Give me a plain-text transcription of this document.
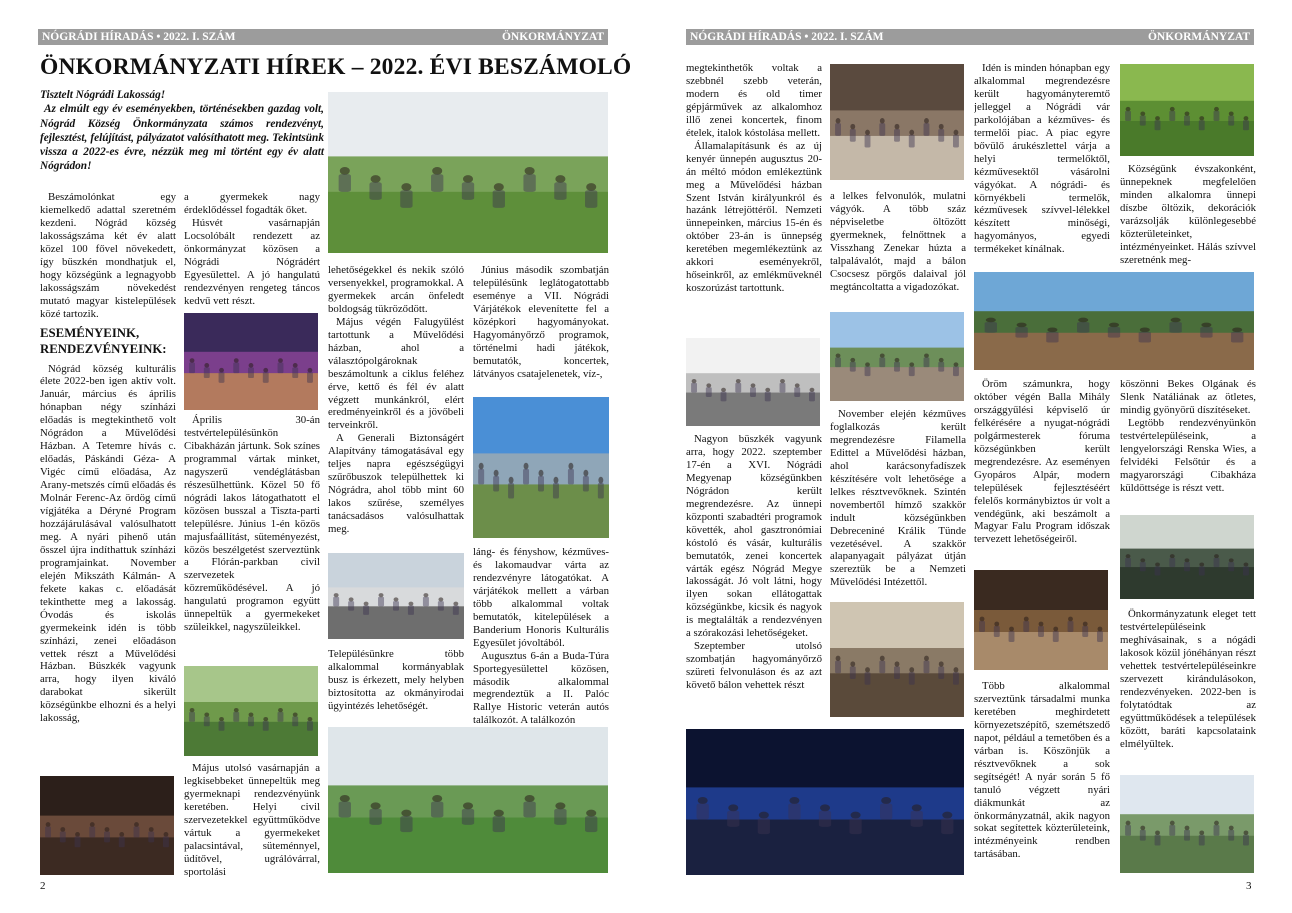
NÓGRÁDI HÍRADÁS • 2022. I. SZÁM	ÖNKORMÁNYZAT
ÖNKORMÁNYZATI HÍREK – 2022. ÉVI BESZÁMOLÓ

Tisztelt Nógrádi Lakosság!

Az elmúlt egy év eseményekben, történésekben gazdag volt, Nógrád Község Önkormányzata számos rendezvényt, fejlesztést, felújítást, pályázatot valósíthatott meg. Tekintsünk vissza a 2022-es évre, nézzük meg mi történt egy év alatt Nógrádon!

Beszámolónkat egy kiemelkedő adattal szeretném kezdeni. Nógrád község lakosságszáma két év alatt közel 100 fővel növekedett, így büszkén mondhatjuk el, hogy községünk a legnagyobb lakosságszám növekedést mutató magyar kistelepülések közé tartozik.

ESEMÉNYEINK, RENDEZVÉNYEINK:

Nógrád község kulturális élete 2022-ben igen aktív volt. Január, március és április hónapban négy színházi előadás is megtekinthető volt Nógrádon a Művelődési Házban. A Tetemre hívás c. előadás, Páskándi Géza- A Vigéc című előadása, Az Arany-metszés című előadás és Molnár Ferenc-Az ördög című vígjátéka a Déryné Program hozzájárulásával valósulhatott meg. A nyári pihenő után ősszel újra indíthattuk színházi programjainkat. November elején Mikszáth Kálmán- A fekete kakas c. előadását tekinthette meg a lakosság. Óvodás és iskolás gyermekeink idén is több színházi, zenei előadáson vettek részt a Művelődési Házban. Büszkék vagyunk arra, hogy ilyen kiváló darabokat sikerült községünkbe elhozni és a helyi lakosság,

a gyermekek nagy érdeklődéssel fogadták őket.

Húsvét vasárnapján Locsolóbált rendezett az önkormányzat közösen a Nógrádi Nógrádért Egyesülettel. A jó hangulatú rendezvényen rengeteg táncos kedvű vett részt.

Április 30-án testvértelepülésünkön Cibakházán jártunk. Sok színes programmal vártak minket, nagyszerű vendéglátásban részesülhettünk. Közel 50 fő nógrádi lakos látogathatott el közösen busszal a Tiszta-parti településre. Június 1-én közös majusfaállítást, süteményezést, közös beszélgetést szerveztünk a Flórán-parkban civil szervezetek közreműködésével. A jó hangulatú programon együtt ünnepeltük a gyermekeket szüleikkel, nagyszüleikkel.

Május utolsó vasárnapján a legkisebbeket ünnepeltük meg gyermeknapi rendezvényünk keretében. Helyi civil szervezetekkel együttműködve vártuk a gyermekeket palacsintával, süteménnyel, üdítővel, ugrálóvárral, sportolási

lehetőségekkel és nekik szóló versenyekkel, programokkal. A gyermekek arcán önfeledt boldogság tükröződött.

Május végén Falugyűlést tartottunk a Művelődési házban, ahol a választópolgároknak beszámoltunk a ciklus feléhez érve, kettő és fél év alatt végzett munkánkról, elért eredményeinkről és a jövőbeli terveinkről.

A Generali Biztonságért Alapítvány támogatásával egy teljes napra egészségügyi szűrőbuszok települhettek ki Nógrádra, ahol több mint 60 lakos szűrése, személyes tanácsadásos valósulhattak meg.

Településünkre több alkalommal kormányablak busz is érkezett, mely helyben biztosította az okmányirodai ügyintézés lehetőségét.

Június második szombatján településünk leglátogatottabb eseménye a VII. Nógrádi Várjátékok elevenítette fel a középkori hagyományokat. Hagyományőrző programok, történelmi hadi játékok, bemutatók, koncertek, látványos csatajelenetek, víz-,

láng- és fényshow, kézműves- és lakomaudvar várta az rendezvényre látogatókat. A várjátékok mellett a várban több alkalommal voltak bemutatók, kitelepülések a Banderium Honoris Kulturális Egyesület jóvoltából.

Augusztus 6-án a Buda-Túra Sportegyesülettel közösen, második alkalommal megrendeztük a II. Palóc Rallye Historic veterán autós találkozót. A találkozón

2
NÓGRÁDI HÍRADÁS • 2022. I. SZÁM	ÖNKORMÁNYZAT

megtekinthetők voltak a szebbnél szebb veterán, modern és old timer gépjárművek az alkalomhoz illő zenei koncertek, finom ételek, italok kóstolása mellett.

Államalapításunk és az új kenyér ünnepén augusztus 20-án méltó módon emlékeztünk meg a Művelődési házban Szent István királyunkról és hazánk létrejöttéről. Nemzeti ünnepeinken, március 15-én és október 23-án is ünnepség keretében megemlékeztünk az akkori eseményekről, hőseinkről, az emlékműveknél koszorúzást tartottunk.

Nagyon büszkék vagyunk arra, hogy 2022. szeptember 17-én a XVI. Nógrádi Megyenap községünkben Nógrádon került megrendezésre. Az ünnepi központi szabadtéri programok követték, ahol gasztronómiai kóstoló és vásár, kulturális bemutatók, zenei koncertek várták egész Nógrád Megye lakosságát. Jó volt látni, hogy ilyen sokan ellátogattak községünkbe, kicsik és nagyok is megtalálták a rendezvényen a szórakozási lehetőségeket.

Szeptember utolsó szombatján hagyományőrző szüreti felvonuláson és az azt követő bálon vehettek részt

a lelkes felvonulók, mulatni vágyók. A több száz népviseletbe öltözött gyermeknek, felnőttnek a Visszhang Zenekar húzta a talpalávalót, majd a bálon Csocsesz pörgős dalaival jól megtáncoltatta a vigadozókat.

November elején kézműves foglalkozás került megrendezésre Filamella Edittel a Művelődési házban, ahol karácsonyfadíszek készítésére volt lehetősége a lelkes résztvevőknek. Szintén novembertől hímző szakkör indult községünkben Debreceniné Králik Tünde vezetésével. A szakkör alapanyagait pályázat útján szereztük be a Nemzeti Művelődési Intézettől.

Idén is minden hónapban egy alkalommal megrendezésre került hagyományteremtő jelleggel a Nógrádi vár parkolójában a kézműves- és termelői piac. A piac egyre bővülő árukészlettel várja a helyi termelőktől, kézművesektől vásárolni vágyókat. A nógrádi- és környékbeli termelők, kézművesek szívvel-lélekkel készített minőségi, hagyományos, egyedi termékeket kínálnak.

Öröm számunkra, hogy október végén Balla Mihály országgyűlési képviselő úr felkérésére a nyugat-nógrádi polgármesterek fóruma községünkben került megrendezésre. Az eseményen Gyopáros Alpár, modern települések fejlesztéséért felelős kormánybiztos úr volt a vendégünk, aki beszámolt a Magyar Falu Program időszak tervezett lehetőségeiről.

Több alkalommal szerveztünk társadalmi munka keretében meghirdetett környezetszépítő, szemétszedő napot, például a temetőben és a várban is. Köszönjük a résztvevőknek a sok segítségét! A nyár során 5 fő tanuló végzett nyári diákmunkát az önkormányzatnál, akik nagyon sokat segítettek közterületeink, intézményeink rendben tartásában.

Községünk évszakonként, ünnepeknek megfelelően minden alkalomra ünnepi díszbe öltözik, dekorációk varázsolják különlegesebbé közterületeinket, intézményeinket. Hálás szívvel szeretnénk meg-

köszönni Bekes Olgának és Slenk Natáliának az ötletes, mindig gyönyörű díszítéseket.

Legtöbb rendezvényünkön testvértelepüléseink, a lengyelországi Renska Wies, a felvidéki Felsőtúr és a magyarországi Cibakháza küldöttsége is részt vett.

Önkormányzatunk eleget tett testvértelepüléseink meghívásainak, s a nógádi lakosok közül jónéhányan részt vehettek testvértelepüléseinkre szervezett kirándulásokon, rendezvényeken. 2022-ben is folytatódtak az együttműködések a települések között, baráti kapcsolataink elmélyültek.

3
